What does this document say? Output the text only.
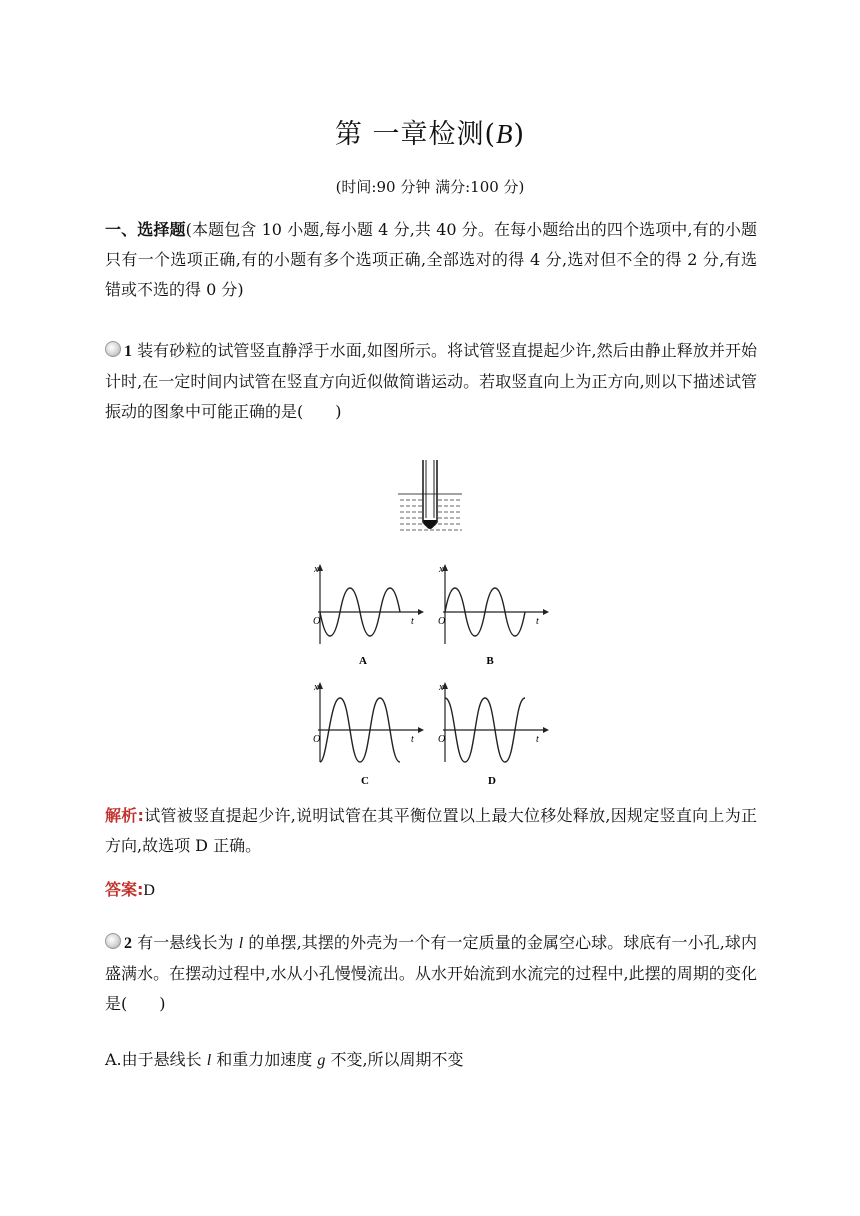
第 一章检测(B)
(时间:90 分钟 满分:100 分)
一、选择题(本题包含 10 小题,每小题 4 分,共 40 分。在每小题给出的四个选项中,有的小题只有一个选项正确,有的小题有多个选项正确,全部选对的得 4 分,选对但不全的得 2 分,有选错或不选的得 0 分)
1 装有砂粒的试管竖直静浮于水面,如图所示。将试管竖直提起少许,然后由静止释放并开始计时,在一定时间内试管在竖直方向近似做简谐运动。若取竖直向上为正方向,则以下描述试管振动的图象中可能正确的是(　　)
x
t
O
A
x
t
O
B
x
t
O
C
x
t
O
D
解析:试管被竖直提起少许,说明试管在其平衡位置以上最大位移处释放,因规定竖直向上为正方向,故选项 D 正确。
答案:D
2 有一悬线长为 l 的单摆,其摆的外壳为一个有一定质量的金属空心球。球底有一小孔,球内盛满水。在摆动过程中,水从小孔慢慢流出。从水开始流到水流完的过程中,此摆的周期的变化是(　　)
A.由于悬线长 l 和重力加速度 g 不变,所以周期不变
